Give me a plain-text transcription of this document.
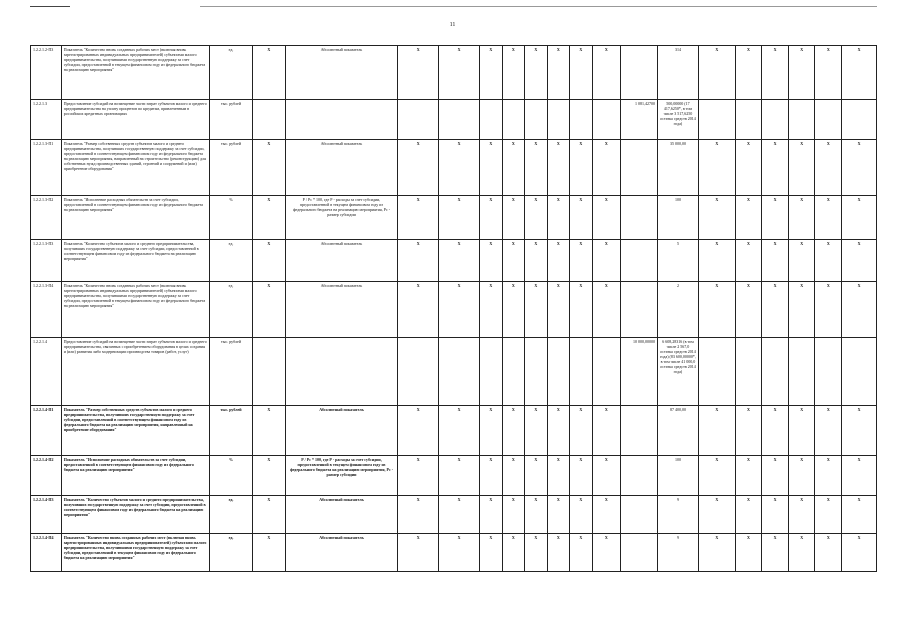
11
1.2.2.1.2-П3	Показатель "Количество вновь созданных рабочих мест (включая вновь зарегистрированных индивидуальных предпринимателей) субъектами малого предпринимательства, получившими государственную поддержку за счет субсидии, предоставленной в текущем финансовом году из федерального бюджета на реализацию мероприятия"	ед.	X	Абсолютный показатель	X	X	X	X	X	X	X	X		314	X	X	X	X	X	X
1.2.2.1.3	Предоставление субсидий на возмещение части затрат субъектов малого и среднего предпринимательства на уплату процентов по кредитам, привлеченным в российских кредитных организациях	тыс. рублей											1 081,42700	500,00000 (17 417,6250*, в том числе 3 517,6250 остатка средств 2014 года)						
1.2.2.1.3-П1	Показатель "Размер собственных средств субъектов малого и среднего предпринимательства, получивших государственную поддержку за счет субсидии, предоставленной в соответствующем финансовом году из федерального бюджета на реализацию мероприятия, направленный на строительство (реконструкцию) для собственных нужд производственных зданий, строений и сооружений и (или) приобретение оборудования"	тыс. рублей	X	Абсолютный показатель	X	X	X	X	X	X	X	X		35 000,00	X	X	X	X	X	X
1.2.2.1.3-П2	Показатель "Исполнение расходных обязательств за счет субсидии, предоставленной в соответствующем финансовом году из федерального бюджета на реализацию мероприятия"	%	X	Р / Рс * 100, где Р - расходы за счет субсидии, предоставленной в текущем финансовом году из федерального бюджета на реализацию мероприятия, Рс - размер субсидии	X	X	X	X	X	X	X	X		100	X	X	X	X	X	X
1.2.2.1.3-П3	Показатель "Количество субъектов малого и среднего предпринимательства, получивших государственную поддержку за счет субсидии, предоставленной в соответствующем финансовом году из федерального бюджета на реализацию мероприятия"	ед.	X	Абсолютный показатель	X	X	X	X	X	X	X	X		5	X	X	X	X	X	X
1.2.2.1.3-П4	Показатель "Количество вновь созданных рабочих мест (включая вновь зарегистрированных индивидуальных предпринимателей) субъектами малого предпринимательства, получившими государственную поддержку за счет субсидии, предоставленной в текущем финансовом году из федерального бюджета на реализацию мероприятия"	ед.	X	Абсолютный показатель	X	X	X	X	X	X	X	X		2	X	X	X	X	X	X
1.2.2.1.4	Предоставление субсидий на возмещение части затрат субъектов малого и среднего предпринимательства, связанных с приобретением оборудования в целях создания и (или) развития либо модернизации производства товаров (работ, услуг)	тыс. рублей											10 000,00000	6 608,28316 (в том числе 2 567,0 остатка средств 2014 года) (83 600,00000*, в том числе 41 000,0 остатка средств 2014 года)						
1.2.2.1.4-П1	Показатель "Размер собственных средств субъектов малого и среднего предпринимательства, получивших государственную поддержку за счет субсидии, предоставленной в соответствующем финансовом году из федерального бюджета на реализацию мероприятия, направленный на приобретение оборудования"	тыс. рублей	X	Абсолютный показатель	X	X	X	X	X	X	X	X		87 400,00	X	X	X	X	X	X
1.2.2.1.4-П2	Показатель "Исполнение расходных обязательств за счет субсидии, предоставленной в соответствующем финансовом году из федерального бюджета на реализацию мероприятия"	%	X	Р / Рс * 100, где Р - расходы за счет субсидии, предоставленной в текущем финансовом году из федерального бюджета на реализацию мероприятия, Рс - размер субсидии	X	X	X	X	X	X	X	X		100	X	X	X	X	X	X
1.2.2.1.4-П3	Показатель "Количество субъектов малого и среднего предпринимательства, получивших государственную поддержку за счет субсидии, предоставленной в соответствующем финансовом году из федерального бюджета на реализацию мероприятия"	ед.	X	Абсолютный показатель	X	X	X	X	X	X	X	X		9	X	X	X	X	X	X
1.2.2.1.4-П4	Показатель "Количество вновь созданных рабочих мест (включая вновь зарегистрированных индивидуальных предпринимателей) субъектами малого предпринимательства, получившими государственную поддержку за счет субсидии, предоставленной в текущем финансовом году из федерального бюджета на реализацию мероприятия"	ед.	X	Абсолютный показатель	X	X	X	X	X	X	X	X		9	X	X	X	X	X	X
